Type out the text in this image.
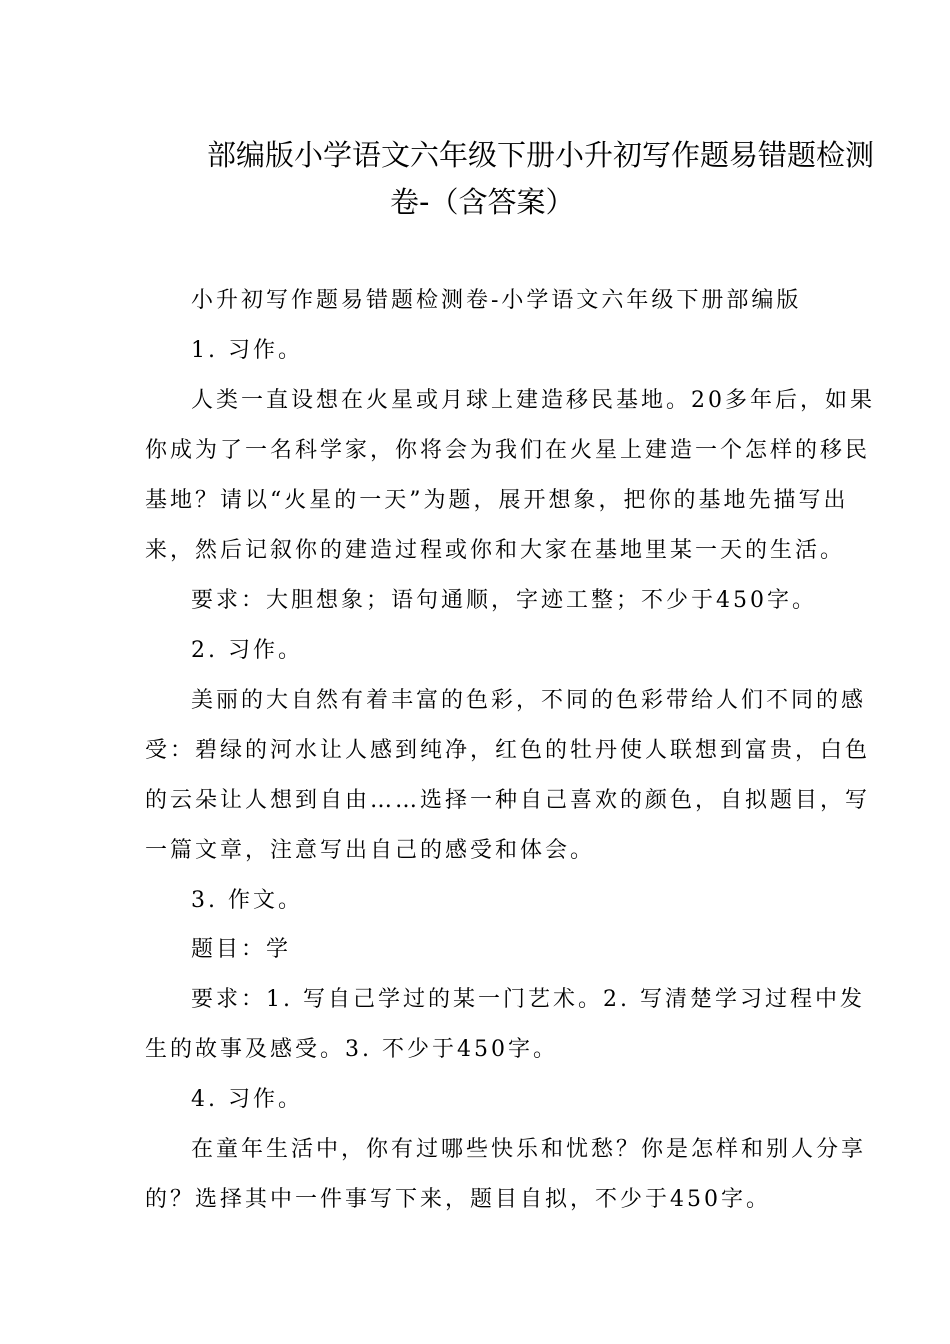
部编版小学语文六年级下册小升初写作题易错题检测
卷-（含答案）
小升初写作题易错题检测卷-小学语文六年级下册部编版
1. 习作。
人类一直设想在火星或月球上建造移民基地。20多年后，如果
你成为了一名科学家，你将会为我们在火星上建造一个怎样的移民
基地？请以“火星的一天”为题，展开想象，把你的基地先描写出
来，然后记叙你的建造过程或你和大家在基地里某一天的生活。
要求：大胆想象；语句通顺，字迹工整；不少于450字。
2. 习作。
美丽的大自然有着丰富的色彩，不同的色彩带给人们不同的感
受：碧绿的河水让人感到纯净，红色的牡丹使人联想到富贵，白色
的云朵让人想到自由……选择一种自己喜欢的颜色，自拟题目，写
一篇文章，注意写出自己的感受和体会。
3. 作文。
题目：学
要求：1. 写自己学过的某一门艺术。2. 写清楚学习过程中发
生的故事及感受。3. 不少于450字。
4. 习作。
在童年生活中，你有过哪些快乐和忧愁？你是怎样和别人分享
的？选择其中一件事写下来，题目自拟，不少于450字。
